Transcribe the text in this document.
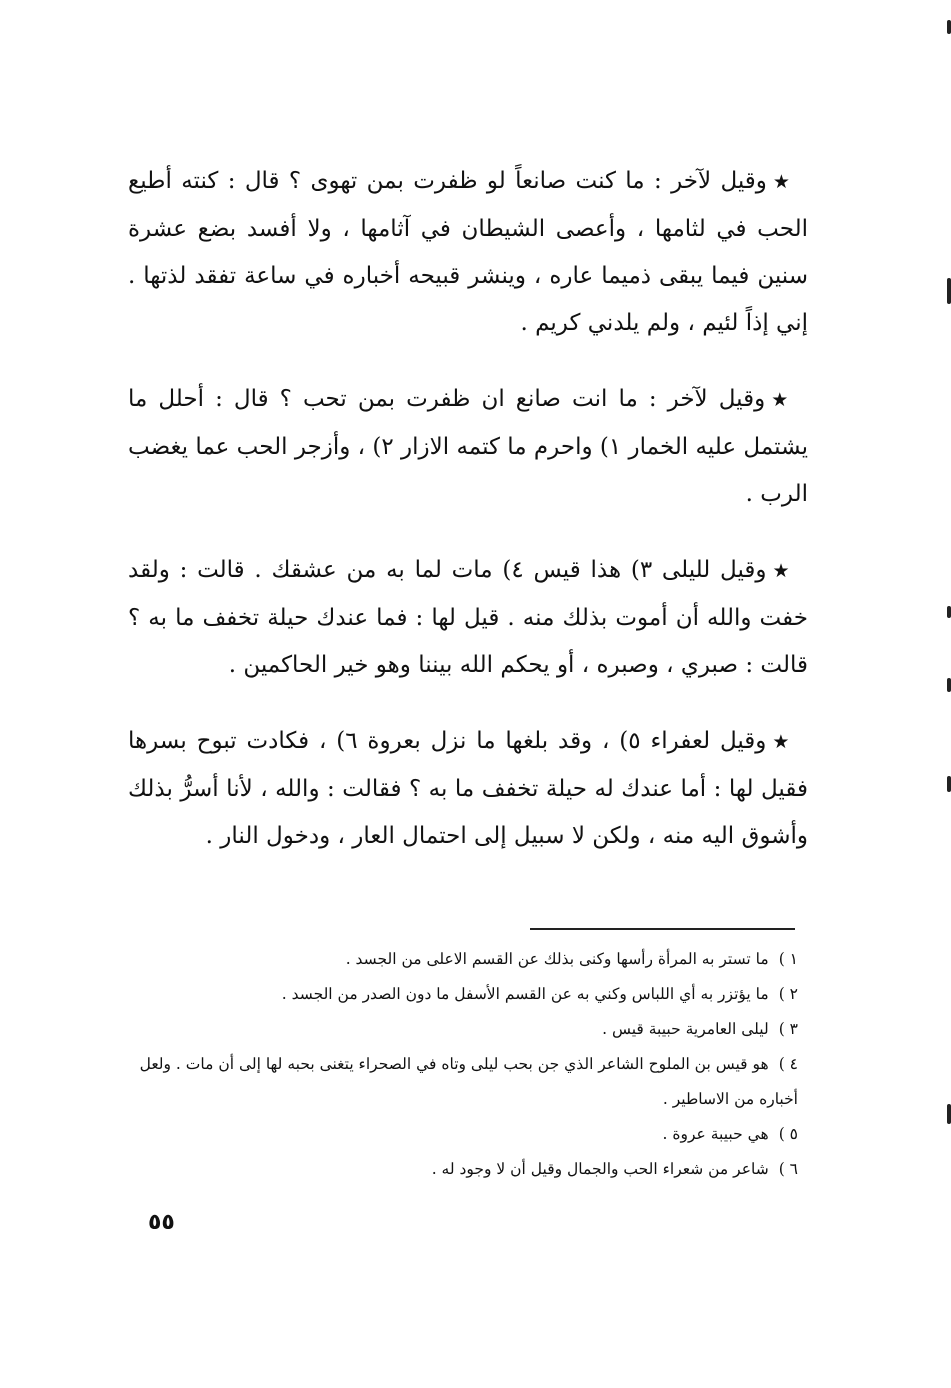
★وقيل لآخر : ما كنت صانعاً لو ظفرت بمن تهوى ؟ قال : كنته أطيع الحب في لثامها ، وأعصى الشيطان في آثامها ، ولا أفسد بضع عشرة سنين فيما يبقى ذميما عاره ، وينشر قبيحه أخباره في ساعة تفقد لذتها . إني إذاً لئيم ، ولم يلدني كريم .

★وقيل لآخر : ما انت صانع ان ظفرت بمن تحب ؟ قال : أحلل ما يشتمل عليه الخمار ١) واحرم ما كتمه الازار ٢) ، وأزجر الحب عما يغضب الرب .

★وقيل لليلى ٣) هذا قيس ٤) مات لما به من عشقك . قالت : ولقد خفت والله أن أموت بذلك منه . قيل لها : فما عندك حيلة تخفف ما به ؟ قالت : صبري ، وصبره ، أو يحكم الله بيننا وهو خير الحاكمين .

★وقيل لعفراء ٥) ، وقد بلغها ما نزل بعروة ٦) ، فكادت تبوح بسرها فقيل لها : أما عندك له حيلة تخفف ما به ؟ فقالت : والله ، لأنا أسرُّ بذلك وأشوق اليه منه ، ولكن لا سبيل إلى احتمال العار ، ودخول النار .

١ )ما تستر به المرأة رأسها وكنى بذلك عن القسم الاعلى من الجسد .
٢ )ما يؤتزر به أي اللباس وكني به عن القسم الأسفل ما دون الصدر من الجسد .
٣ )ليلى العامرية حبيبة قيس .
٤ )هو قيس بن الملوح الشاعر الذي جن بحب ليلى وتاه في الصحراء يتغنى بحبه لها إلى أن مات . ولعل أخباره من الاساطير .
٥ )هي حبيبة عروة .
٦ )شاعر من شعراء الحب والجمال وقيل أن لا وجود له .
٥٥
